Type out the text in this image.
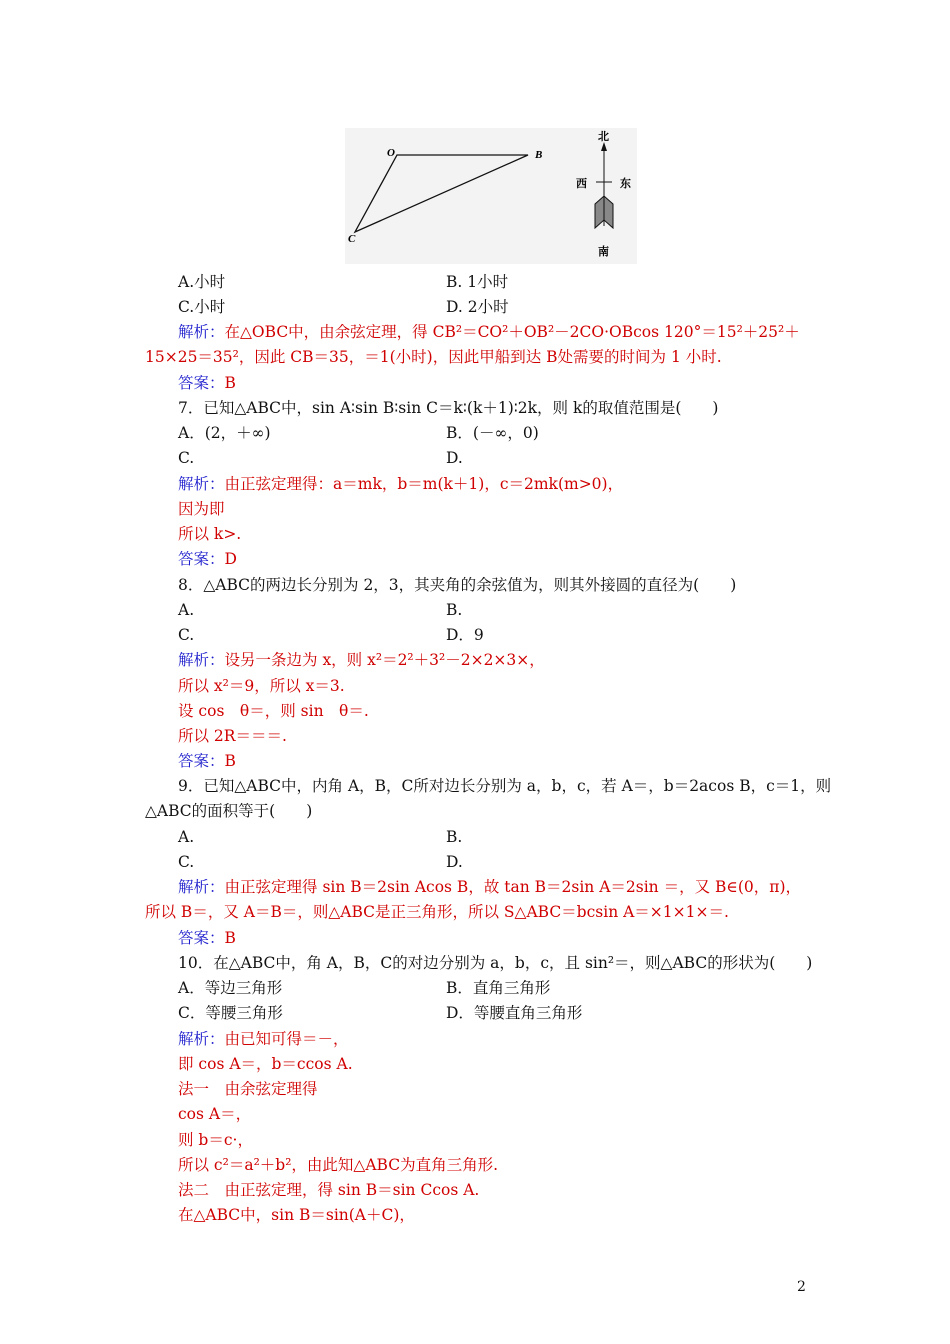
O	B
C
北
西	东
南
A.小时	B. 1小时
C.小时	D. 2小时
解析：在△OBC中，由余弦定理，得 CB²＝CO²＋OB²－2CO·OBcos 120°＝15²＋25²＋
15×25＝35²，因此 CB＝35，＝1(小时)，因此甲船到达 B处需要的时间为 1 小时.
答案：B
7．已知△ABC中，sin A∶sin B∶sin C＝k∶(k＋1)∶2k，则 k的取值范围是(　　)
A．(2，＋∞)	B．(－∞，0)
C.	D.
解析：由正弦定理得：a＝mk，b＝m(k＋1)，c＝2mk(m>0)，
因为即
所以 k>.
答案：D
8．△ABC的两边长分别为 2，3，其夹角的余弦值为，则其外接圆的直径为(　　)
A.	B.
C.	D．9
解析：设另一条边为 x，则 x²＝2²＋3²－2×2×3×，
所以 x²＝9，所以 x＝3.
设 cos　θ＝，则 sin　θ＝.
所以 2R＝＝＝.
答案：B
9．已知△ABC中，内角 A，B，C所对边长分别为 a，b，c，若 A＝，b＝2acos B，c＝1，则
△ABC的面积等于(　　)
A.	B.
C.	D.
解析：由正弦定理得 sin B＝2sin Acos B，故 tan B＝2sin A＝2sin ＝，又 B∈(0，π)，
所以 B＝，又 A＝B＝，则△ABC是正三角形，所以 S△ABC＝bcsin A＝×1×1×＝.
答案：B
10．在△ABC中，角 A，B，C的对边分别为 a，b，c，且 sin²＝，则△ABC的形状为(　　)
A．等边三角形	B．直角三角形
C．等腰三角形	D．等腰直角三角形
解析：由已知可得＝－，
即 cos A＝，b＝ccos A.
法一　由余弦定理得
cos A＝，
则 b＝c·，
所以 c²＝a²＋b²，由此知△ABC为直角三角形.
法二　由正弦定理，得 sin B＝sin Ccos A.
在△ABC中，sin B＝sin(A＋C)，
2
